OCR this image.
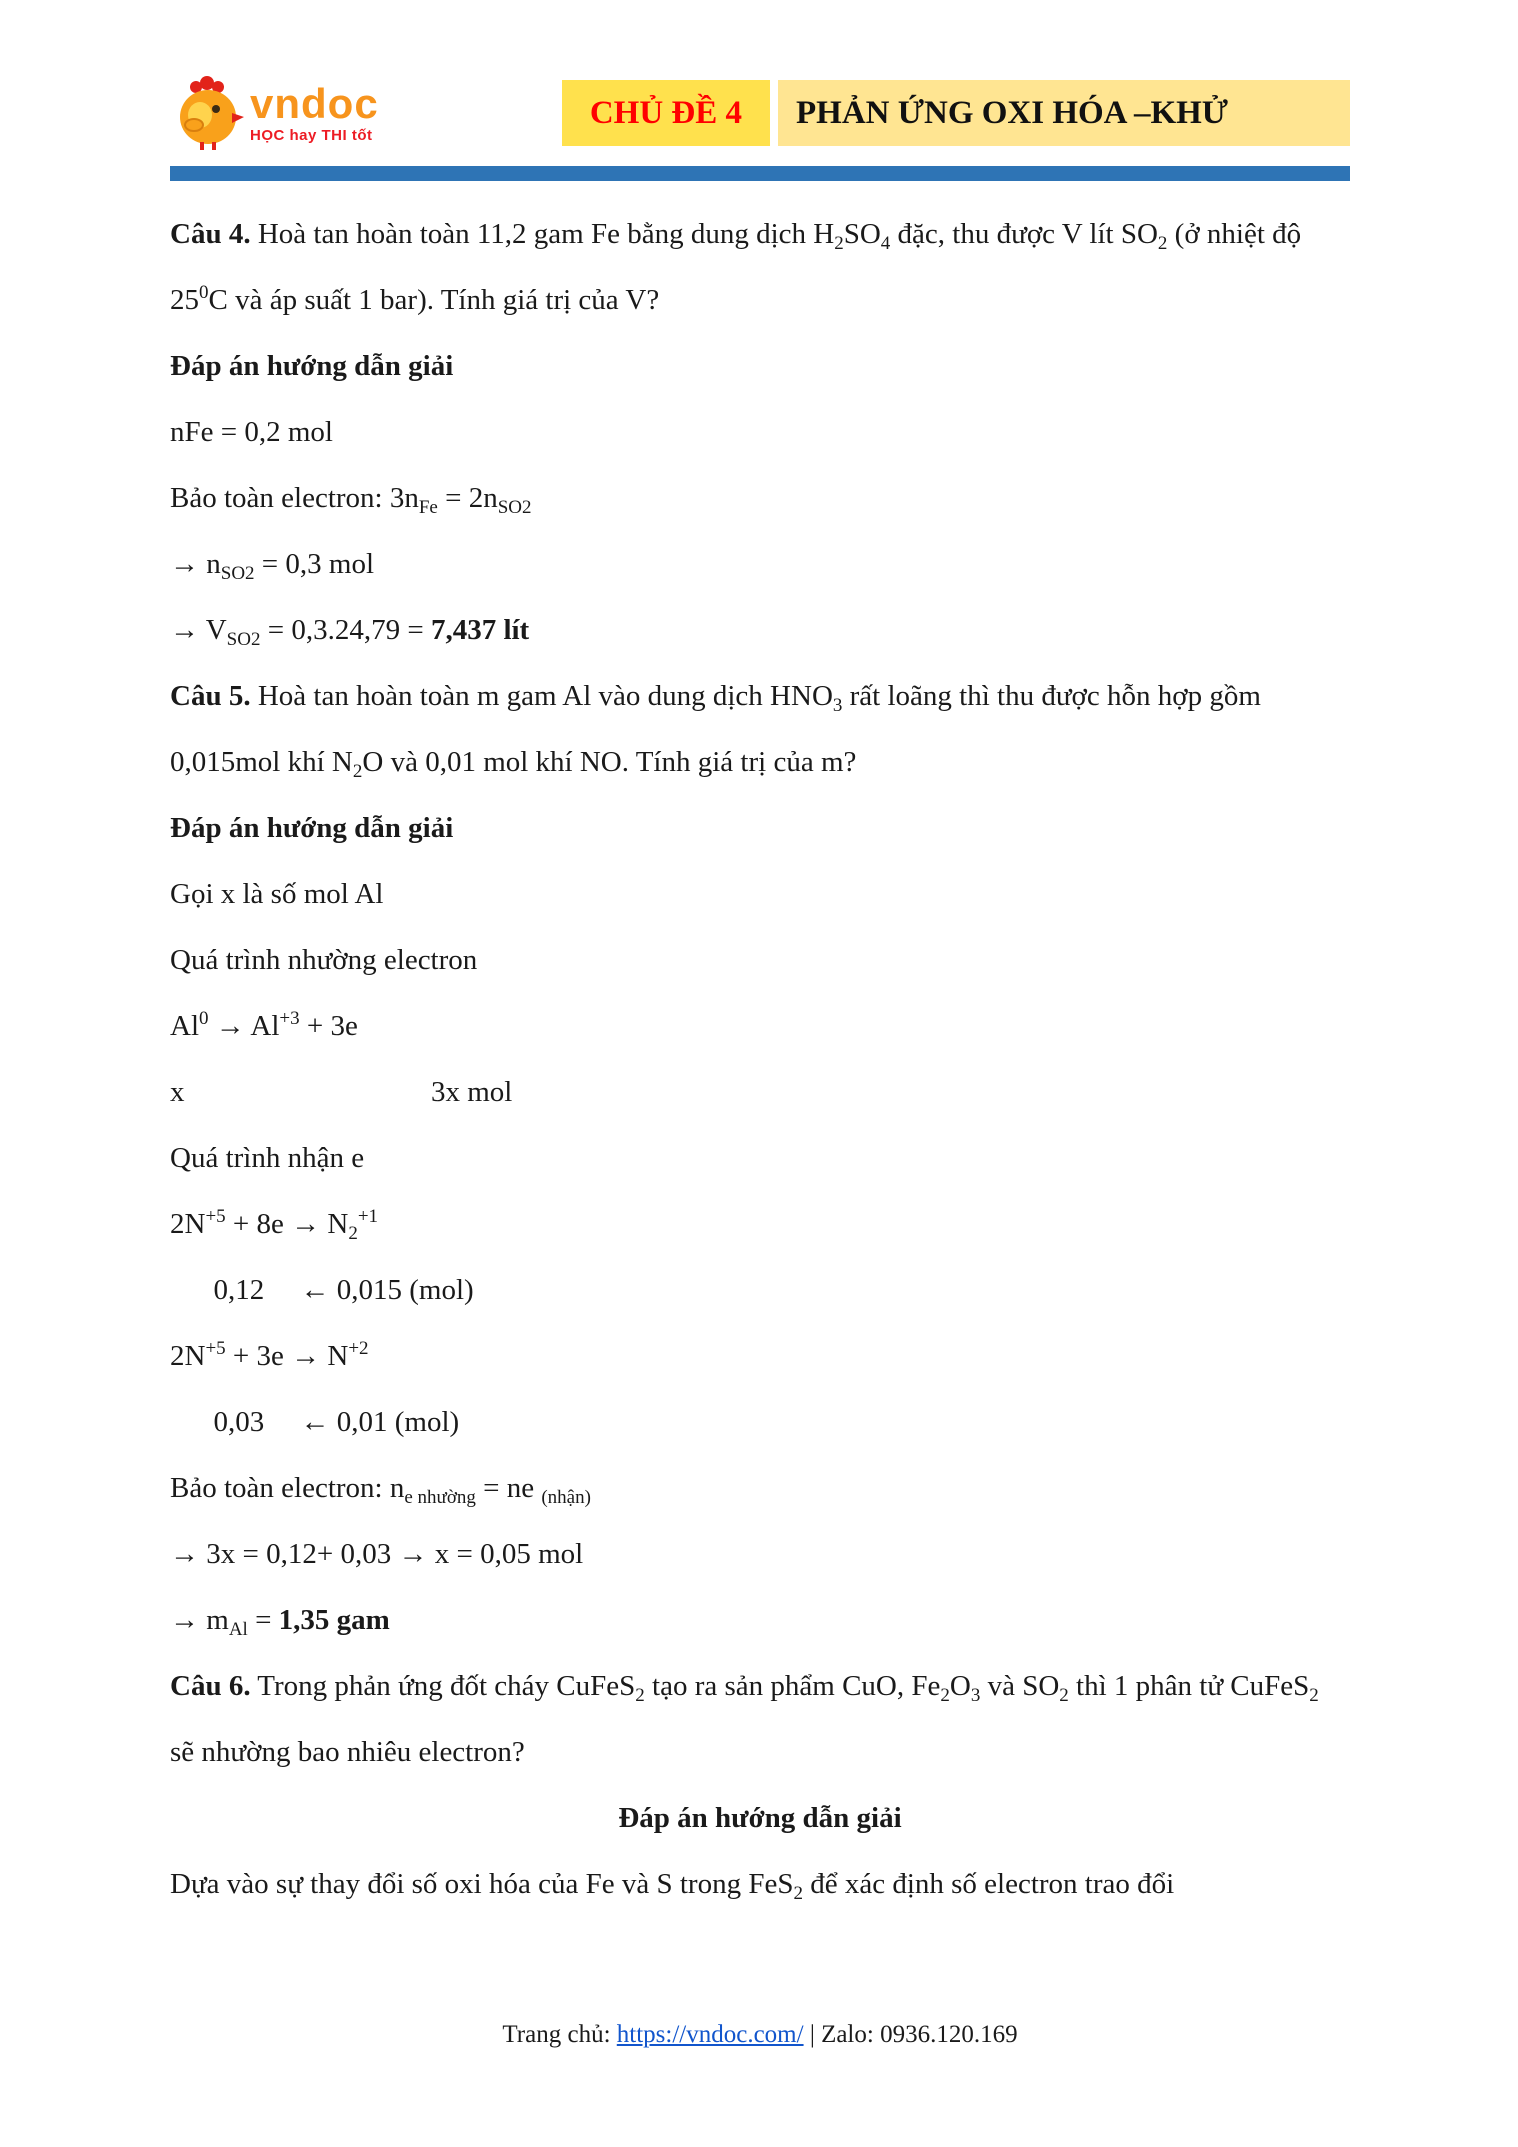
vndoc
HỌC hay THI tốt
CHỦ ĐỀ 4	PHẢN ỨNG OXI HÓA –KHỬ

Câu 4. Hoà tan hoàn toàn 11,2 gam Fe bằng dung dịch $H_2SO_4$ đặc, thu được V lít $SO_2$ (ở nhiệt độ $25^0C$ và áp suất 1 bar). Tính giá trị của V?

Đáp án hướng dẫn giải

nFe = 0,2 mol

Bảo toàn electron: $3n_{Fe} = 2n_{SO2}$

→ $n_{SO2} = 0,3$ mol

→ $V_{SO2} = 0,3.24,79 = 7,437$ lít

Câu 5. Hoà tan hoàn toàn m gam Al vào dung dịch $HNO_3$ rất loãng thì thu được hỗn hợp gồm 0,015mol khí $N_2O$ và 0,01 mol khí NO. Tính giá trị của m?

Đáp án hướng dẫn giải

Gọi x là số mol Al

Quá trình nhường electron

$Al^0 \to Al^{+3} + 3e$

x                                  3x mol

Quá trình nhận e

$2N^{+5} + 8e \to N_2^{+1}$

0,12     ← 0,015 (mol)

$2N^{+5} + 3e \to N^{+2}$

0,03     ← 0,01 (mol)

Bảo toàn electron: $n_{e nhường}$ = ne $_{(nhận)}$

→ 3x = 0,12+ 0,03 → x = 0,05 mol

→ $m_{Al} = 1,35$ gam

Câu 6. Trong phản ứng đốt cháy CuFeS$_2$ tạo ra sản phẩm CuO, $Fe_2O_3$ và $SO_2$ thì 1 phân tử CuFeS$_2$ sẽ nhường bao nhiêu electron?

Đáp án hướng dẫn giải

Dựa vào sự thay đổi số oxi hóa của Fe và S trong FeS$_2$ để xác định số electron trao đổi

Trang chủ: https://vndoc.com/ | Zalo: 0936.120.169
